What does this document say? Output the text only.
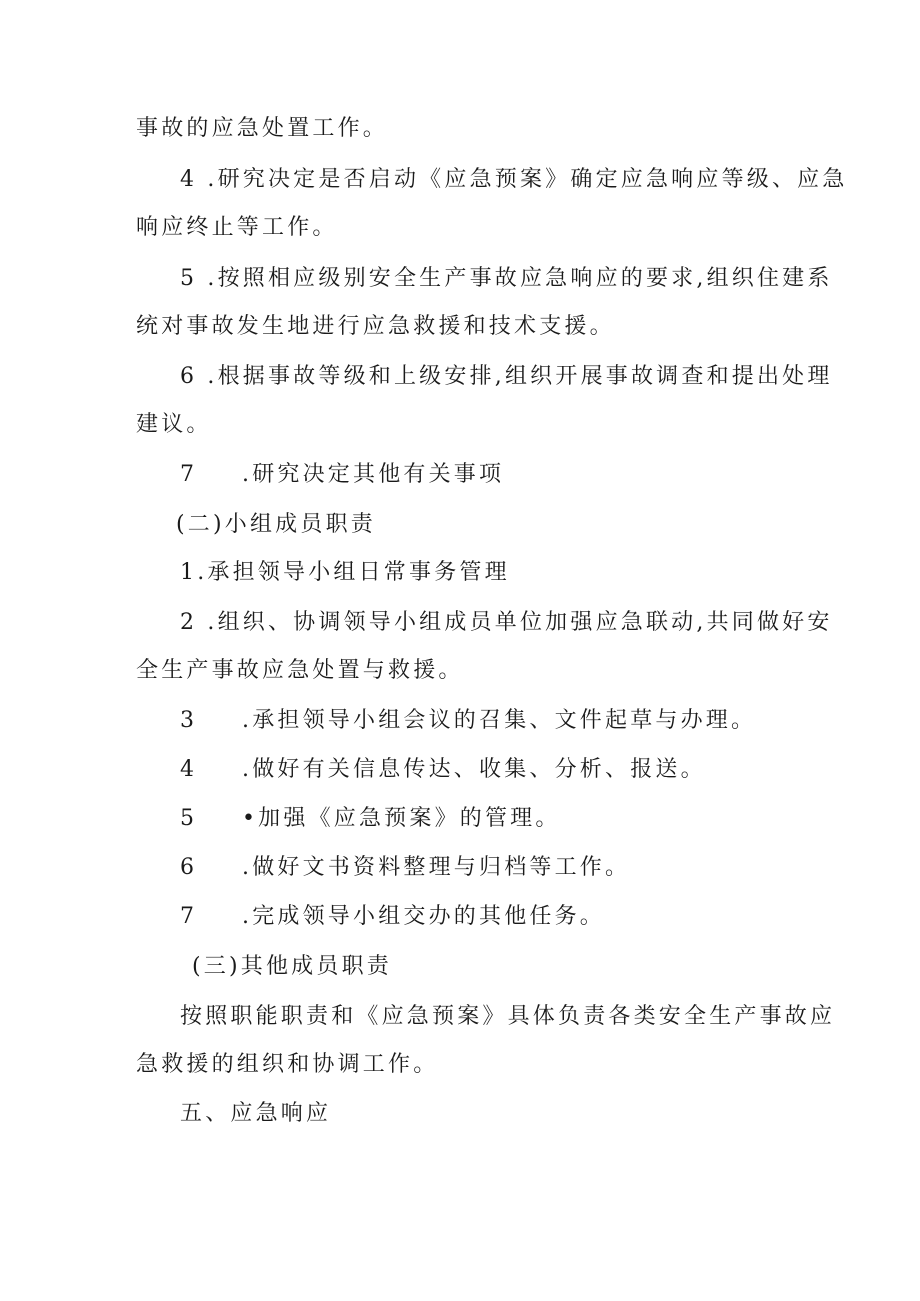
事故的应急处置工作。
4 .研究决定是否启动《应急预案》确定应急响应等级、应急
响应终止等工作。
5 .按照相应级别安全生产事故应急响应的要求,组织住建系
统对事故发生地进行应急救援和技术支援。
6 .根据事故等级和上级安排,组织开展事故调查和提出处理
建议。
7 .研究决定其他有关事项
(二)小组成员职责
1.承担领导小组日常事务管理
2 .组织、协调领导小组成员单位加强应急联动,共同做好安
全生产事故应急处置与救援。
3 .承担领导小组会议的召集、文件起草与办理。
4 .做好有关信息传达、收集、分析、报送。
5 •加强《应急预案》的管理。
6 .做好文书资料整理与归档等工作。
7 .完成领导小组交办的其他任务。
(三)其他成员职责
按照职能职责和《应急预案》具体负责各类安全生产事故应
急救援的组织和协调工作。
五、应急响应
